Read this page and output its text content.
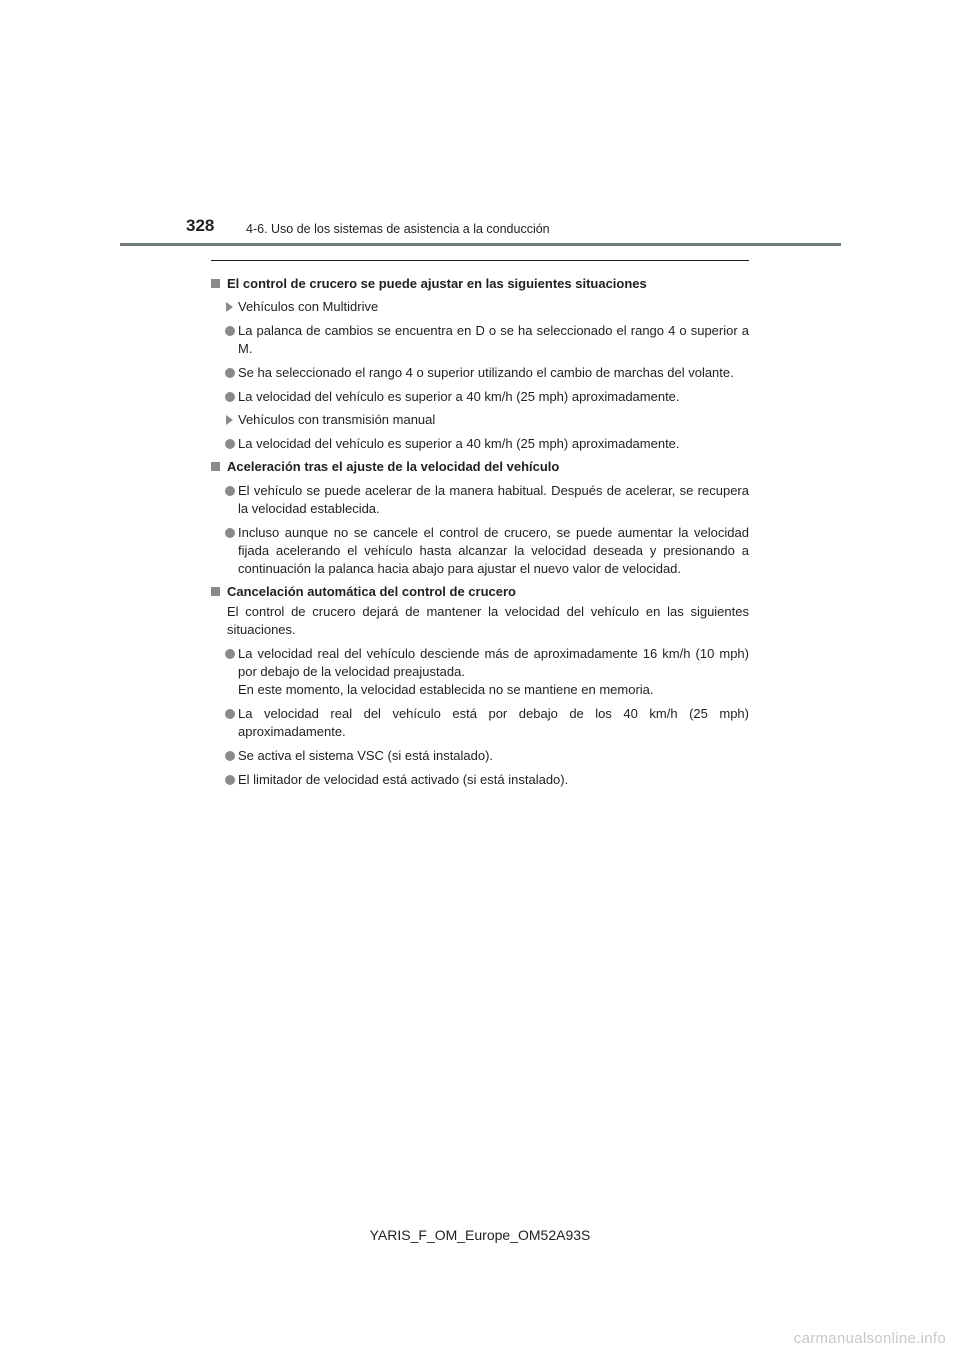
328	4-6. Uso de los sistemas de asistencia a la conducción
El control de crucero se puede ajustar en las siguientes situaciones
Vehículos con Multidrive
La palanca de cambios se encuentra en D o se ha seleccionado el rango 4 o superior a M.
Se ha seleccionado el rango 4 o superior utilizando el cambio de marchas del volante.
La velocidad del vehículo es superior a 40 km/h (25 mph) aproximadamente.
Vehículos con transmisión manual
La velocidad del vehículo es superior a 40 km/h (25 mph) aproximadamente.
Aceleración tras el ajuste de la velocidad del vehículo
El vehículo se puede acelerar de la manera habitual. Después de acelerar, se recupera la velocidad establecida.
Incluso aunque no se cancele el control de crucero, se puede aumentar la velocidad fijada acelerando el vehículo hasta alcanzar la velocidad deseada y presionando a continuación la palanca hacia abajo para ajustar el nuevo valor de velocidad.
Cancelación automática del control de crucero
El control de crucero dejará de mantener la velocidad del vehículo en las siguientes situaciones.
La velocidad real del vehículo desciende más de aproximadamente 16 km/h (10 mph) por debajo de la velocidad preajustada.
En este momento, la velocidad establecida no se mantiene en memoria.
La velocidad real del vehículo está por debajo de los 40 km/h (25 mph) aproximadamente.
Se activa el sistema VSC (si está instalado).
El limitador de velocidad está activado (si está instalado).
YARIS_F_OM_Europe_OM52A93S
carmanualsonline.info
